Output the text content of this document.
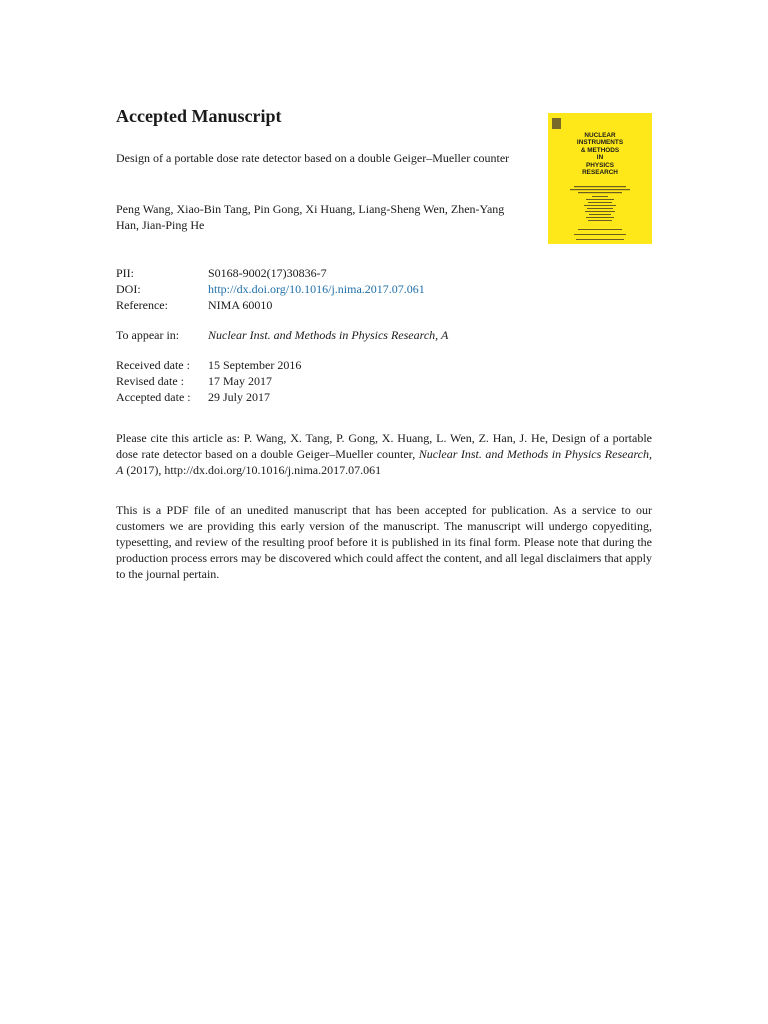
Accepted Manuscript

Design of a portable dose rate detector based on a double Geiger–Mueller counter

Peng Wang, Xiao-Bin Tang, Pin Gong, Xi Huang, Liang-Sheng Wen, Zhen-Yang Han, Jian-Ping He

PII:	S0168-9002(17)30836-7
DOI:	http://dx.doi.org/10.1016/j.nima.2017.07.061
Reference:	NIMA 60010
To appear in:	Nuclear Inst. and Methods in Physics Research, A
Received date :	15 September 2016
Revised date :	17 May 2017
Accepted date :	29 July 2017

Please cite this article as: P. Wang, X. Tang, P. Gong, X. Huang, L. Wen, Z. Han, J. He, Design of a portable dose rate detector based on a double Geiger–Mueller counter, Nuclear Inst. and Methods in Physics Research, A (2017), http://dx.doi.org/10.1016/j.nima.2017.07.061

This is a PDF file of an unedited manuscript that has been accepted for publication. As a service to our customers we are providing this early version of the manuscript. The manuscript will undergo copyediting, typesetting, and review of the resulting proof before it is published in its final form. Please note that during the production process errors may be discovered which could affect the content, and all legal disclaimers that apply to the journal pertain.

NUCLEAR
INSTRUMENTS
& METHODS
IN
PHYSICS
RESEARCH
